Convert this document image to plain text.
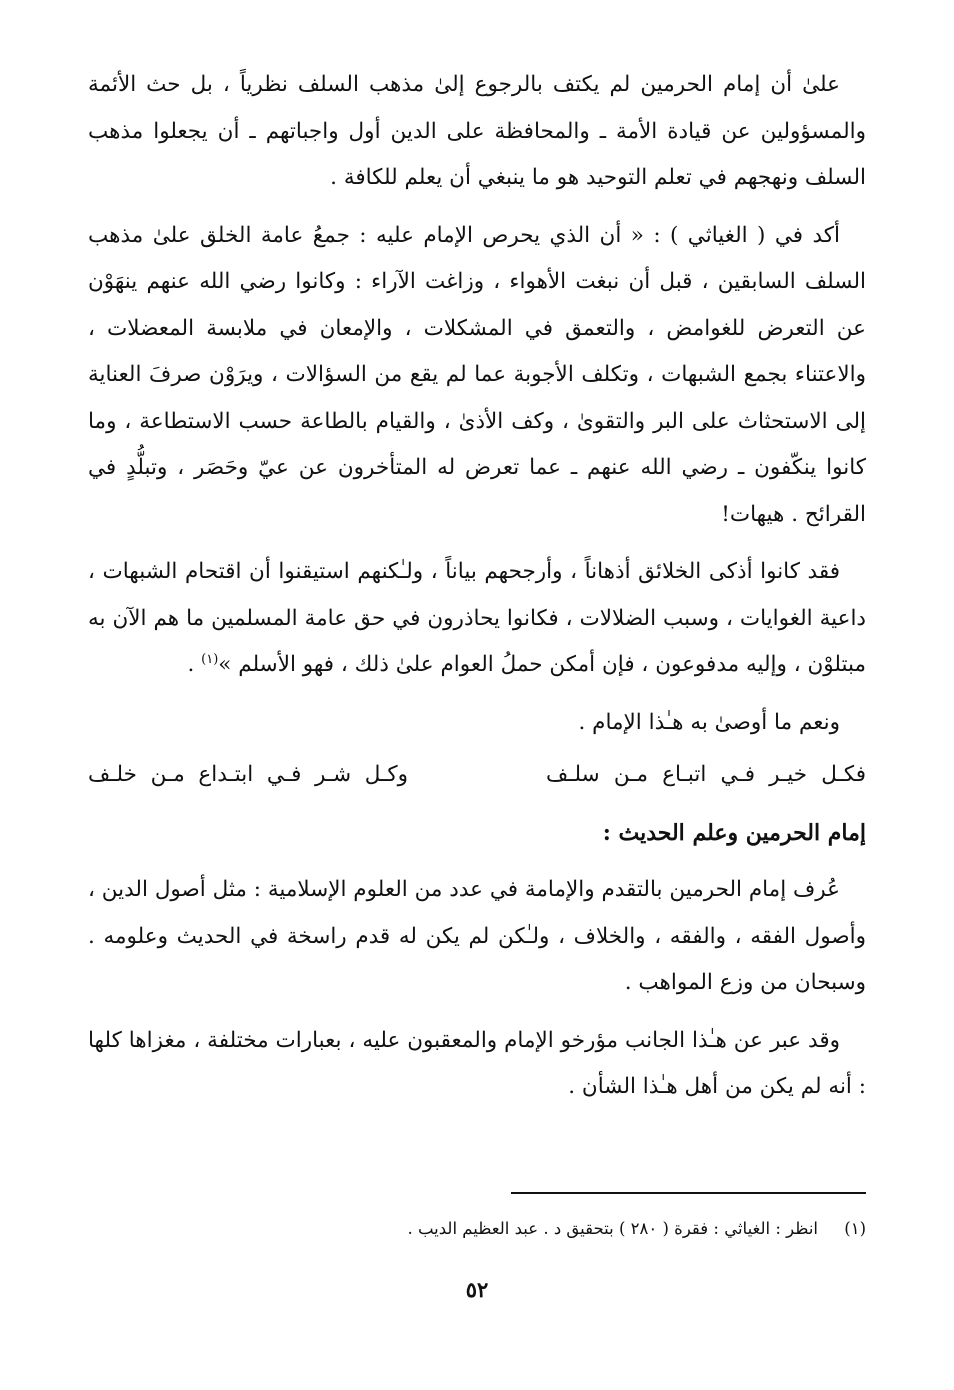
علىٰ أن إمام الحرمين لم يكتف بالرجوع إلىٰ مذهب السلف نظرياً ، بل حث الأئمة والمسؤولين عن قيادة الأمة ـ والمحافظة على الدين أول واجباتهم ـ أن يجعلوا مذهب السلف ونهجهم في تعلم التوحيد هو ما ينبغي أن يعلم للكافة .

أكد في ( الغياثي ) : « أن الذي يحرص الإمام عليه : جمعُ عامة الخلق علىٰ مذهب السلف السابقين ، قبل أن نبغت الأهواء ، وزاغت الآراء : وكانوا رضي الله عنهم ينهَوْن عن التعرض للغوامض ، والتعمق في المشكلات ، والإمعان في ملابسة المعضلات ، والاعتناء بجمع الشبهات ، وتكلف الأجوبة عما لم يقع من السؤالات ، ويرَوْن صرفَ العناية إلى الاستحثاث على البر والتقوىٰ ، وكف الأذىٰ ، والقيام بالطاعة حسب الاستطاعة ، وما كانوا ينكّفون ـ رضي الله عنهم ـ عما تعرض له المتأخرون عن عيّ وحَصَر ، وتبلُّدٍ في القرائح . هيهات!

فقد كانوا أذكى الخلائق أذهاناً ، وأرجحهم بياناً ، ولـٰكنهم استيقنوا أن اقتحام الشبهات ، داعية الغوايات ، وسبب الضلالات ، فكانوا يحاذرون في حق عامة المسلمين ما هم الآن به مبتلوْن ، وإليه مدفوعون ، فإن أمكن حملُ العوام علىٰ ذلك ، فهو الأسلم »$^{(١)}$ .

ونعم ما أوصىٰ به هـٰذا الإمام .

فكـل خيـر فـي اتبـاع مـن سلـف
وكـل شـر فـي ابتـداع مـن خلـف

إمام الحرمين وعلم الحديث :

عُرف إمام الحرمين بالتقدم والإمامة في عدد من العلوم الإسلامية : مثل أصول الدين ، وأصول الفقه ، والفقه ، والخلاف ، ولـٰكن لم يكن له قدم راسخة في الحديث وعلومه . وسبحان من وزع المواهب .

وقد عبر عن هـٰذا الجانب مؤرخو الإمام والمعقبون عليه ، بعبارات مختلفة ، مغزاها كلها : أنه لم يكن من أهل هـٰذا الشأن .

(١)     انظر : الغياثي : فقرة ( ٢٨٠ ) بتحقيق د . عبد العظيم الديب .
٥٢
